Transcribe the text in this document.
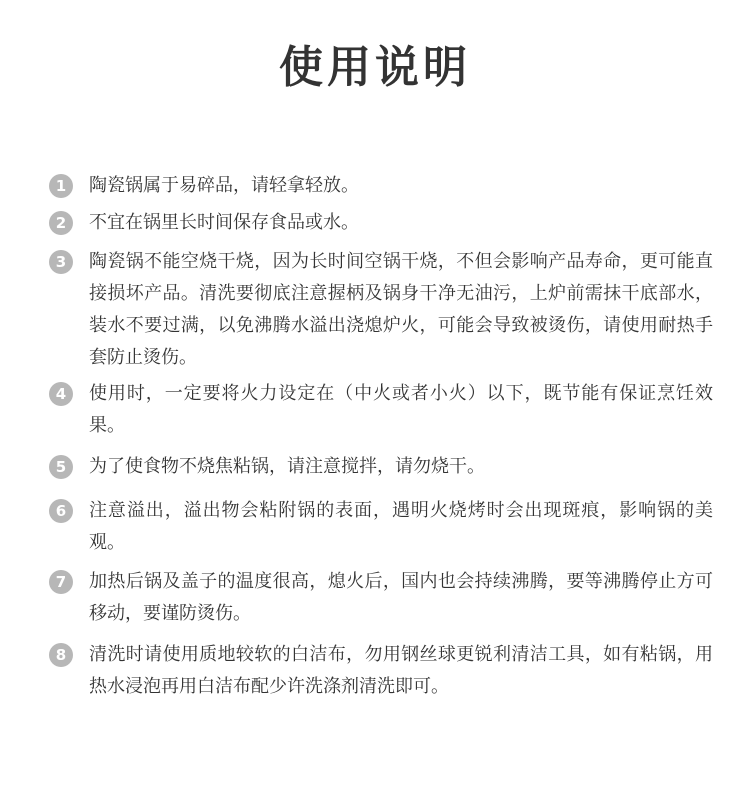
使用说明
1	陶瓷锅属于易碎品，请轻拿轻放。
2	不宜在锅里长时间保存食品或水。
3	陶瓷锅不能空烧干烧，因为长时间空锅干烧，不但会影响产品寿命，更可能直接损坏产品。清洗要彻底注意握柄及锅身干净无油污，上炉前需抹干底部水，装水不要过满，以免沸腾水溢出浇熄炉火，可能会导致被烫伤，请使用耐热手套防止烫伤。
4	使用时，一定要将火力设定在（中火或者小火）以下，既节能有保证烹饪效果。
5	为了使食物不烧焦粘锅，请注意搅拌，请勿烧干。
6	注意溢出，溢出物会粘附锅的表面，遇明火烧烤时会出现斑痕，影响锅的美观。
7	加热后锅及盖子的温度很高，熄火后，国内也会持续沸腾，要等沸腾停止方可移动，要谨防烫伤。
8	清洗时请使用质地较软的白洁布，勿用钢丝球更锐利清洁工具，如有粘锅，用热水浸泡再用白洁布配少许洗涤剂清洗即可。
